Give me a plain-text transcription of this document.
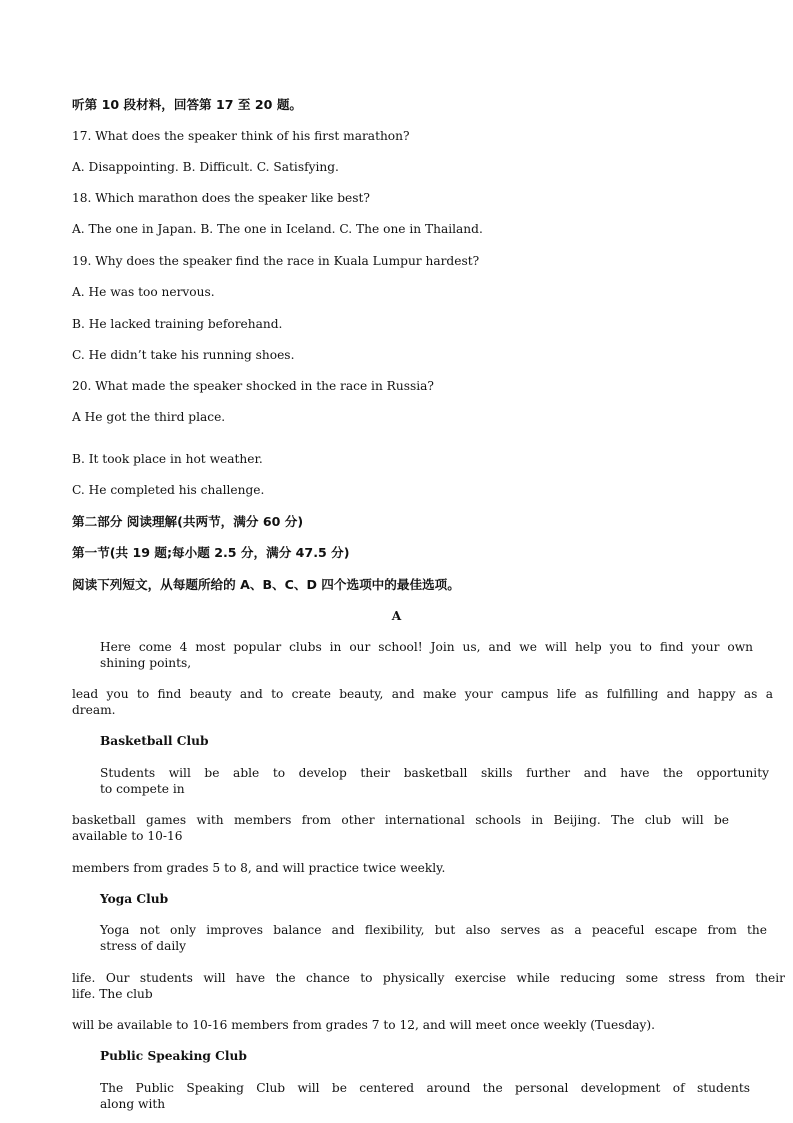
听第 10 段材料，回答第 17 至 20 题。
17. What does the speaker think of his first marathon?
A. Disappointing. B. Difficult. C. Satisfying.
18. Which marathon does the speaker like best?
A. The one in Japan. B. The one in Iceland. C. The one in Thailand.
19. Why does the speaker find the race in Kuala Lumpur hardest?
A. He was too nervous.
B. He lacked training beforehand.
C. He didn’t take his running shoes.
20. What made the speaker shocked in the race in Russia?
A He got the third place.
B. It took place in hot weather.
C. He completed his challenge.
第二部分 阅读理解(共两节，满分 60 分)
第一节(共 19 题;每小题 2.5 分，满分 47.5 分)
阅读下列短文，从每题所给的 A、B、C、D 四个选项中的最佳选项。
A
Here come 4 most popular clubs in our school! Join us, and we will help you to find your own
shining points,
lead you to find beauty and to create beauty, and make your campus life as fulfilling and happy as a
dream.
Basketball Club
Students will be able to develop their basketball skills further and have the opportunity
to compete in
basketball games with members from other international schools in Beijing. The club will be
available to 10-16
members from grades 5 to 8, and will practice twice weekly.
Yoga Club
Yoga not only improves balance and flexibility, but also serves as a peaceful escape from the
stress of daily
life. Our students will have the chance to physically exercise while reducing some stress from their
life. The club
will be available to 10-16 members from grades 7 to 12, and will meet once weekly (Tuesday).
Public Speaking Club
The Public Speaking Club will be centered around the personal development of students
along with
